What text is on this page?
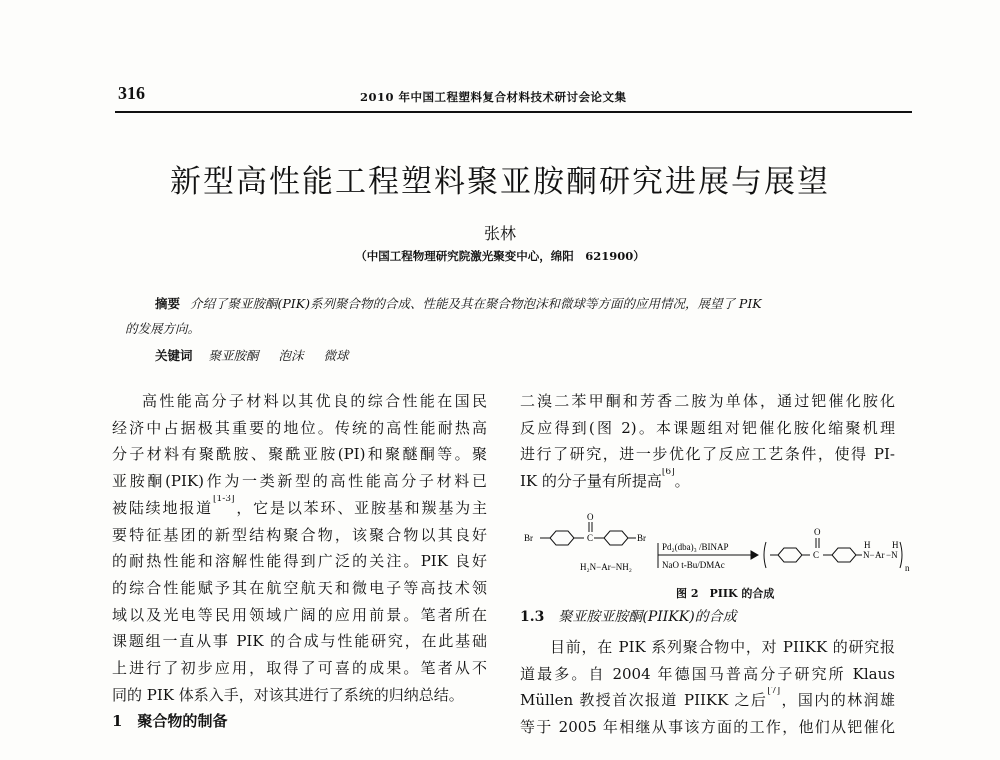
316	2010 年中国工程塑料复合材料技术研讨会论文集
新型高性能工程塑料聚亚胺酮研究进展与展望
张林
（中国工程物理研究院激光聚变中心，绵阳　621900）
摘要 介绍了聚亚胺酮(PIK)系列聚合物的合成、性能及其在聚合物泡沫和微球等方面的应用情况，展望了 PIK
的发展方向。
关键词 聚亚胺酮 泡沫 微球
高性能高分子材料以其优良的综合性能在国民
经济中占据极其重要的地位。传统的高性能耐热高
分子材料有聚酰胺、聚酰亚胺(PI)和聚醚酮等。聚
亚胺酮(PIK)作为一类新型的高性能高分子材料已
被陆续地报道[1-3]，它是以苯环、亚胺基和羰基为主
要特征基团的新型结构聚合物，该聚合物以其良好
的耐热性能和溶解性能得到广泛的关注。PIK 良好
的综合性能赋予其在航空航天和微电子等高技术领
域以及光电等民用领域广阔的应用前景。笔者所在
课题组一直从事 PIK 的合成与性能研究，在此基础
上进行了初步应用，取得了可喜的成果。笔者从不
同的 PIK 体系入手，对该其进行了系统的归纳总结。
1　聚合物的制备
二溴二苯甲酮和芳香二胺为单体，通过钯催化胺化
反应得到(图 2)。本课题组对钯催化胺化缩聚机理
进行了研究，进一步优化了反应工艺条件，使得 PI-
IK 的分子量有所提高[6]。
Br
O
C	Br
H₂N−Ar−NH₂
Pd₂(dba)₃ /BINAP
NaO t-Bu/DMAc
O
C	N−
H
Ar −N
H
n
图 2　PIIK 的合成
1.3 聚亚胺亚胺酮(PIIKK)的合成
目前，在 PIK 系列聚合物中，对 PIIKK 的研究报
道最多。自 2004 年德国马普高分子研究所 Klaus
Müllen 教授首次报道 PIIKK 之后[7]，国内的林润雄
等于 2005 年相继从事该方面的工作，他们从钯催化
